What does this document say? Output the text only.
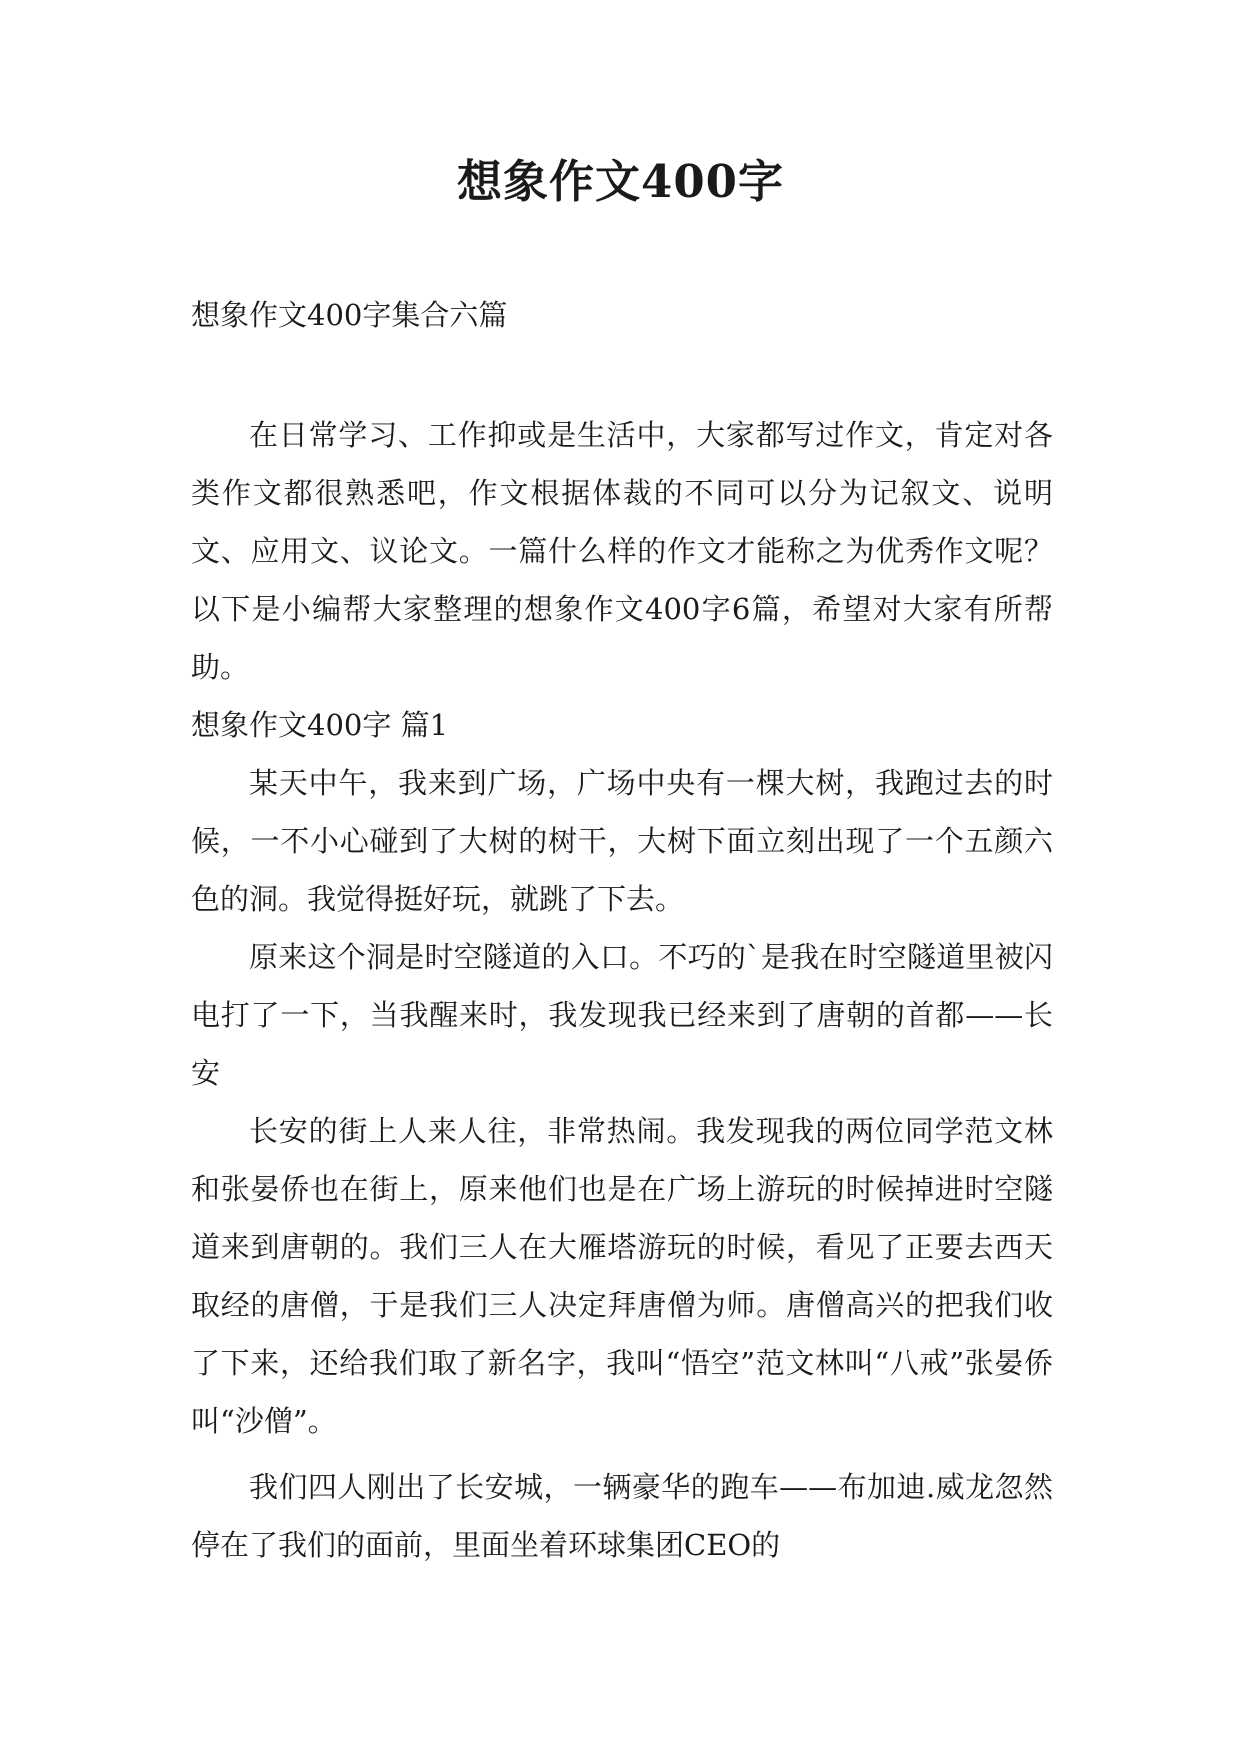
想象作文400字
想象作文400字集合六篇

在日常学习、工作抑或是生活中，大家都写过作文，肯定对各类作文都很熟悉吧，作文根据体裁的不同可以分为记叙文、说明文、应用文、议论文。一篇什么样的作文才能称之为优秀作文呢？以下是小编帮大家整理的想象作文400字6篇，希望对大家有所帮助。

想象作文400字 篇1

某天中午，我来到广场，广场中央有一棵大树，我跑过去的时候，一不小心碰到了大树的树干，大树下面立刻出现了一个五颜六色的洞。我觉得挺好玩，就跳了下去。

原来这个洞是时空隧道的入口。不巧的`是我在时空隧道里被闪电打了一下，当我醒来时，我发现我已经来到了唐朝的首都——长安

长安的街上人来人往，非常热闹。我发现我的两位同学范文林和张晏侨也在街上，原来他们也是在广场上游玩的时候掉进时空隧道来到唐朝的。我们三人在大雁塔游玩的时候，看见了正要去西天取经的唐僧，于是我们三人决定拜唐僧为师。唐僧高兴的把我们收了下来，还给我们取了新名字，我叫“悟空”范文林叫“八戒”张晏侨叫“沙僧”。

我们四人刚出了长安城，一辆豪华的跑车——布加迪.威龙忽然停在了我们的面前，里面坐着环球集团CEO的
